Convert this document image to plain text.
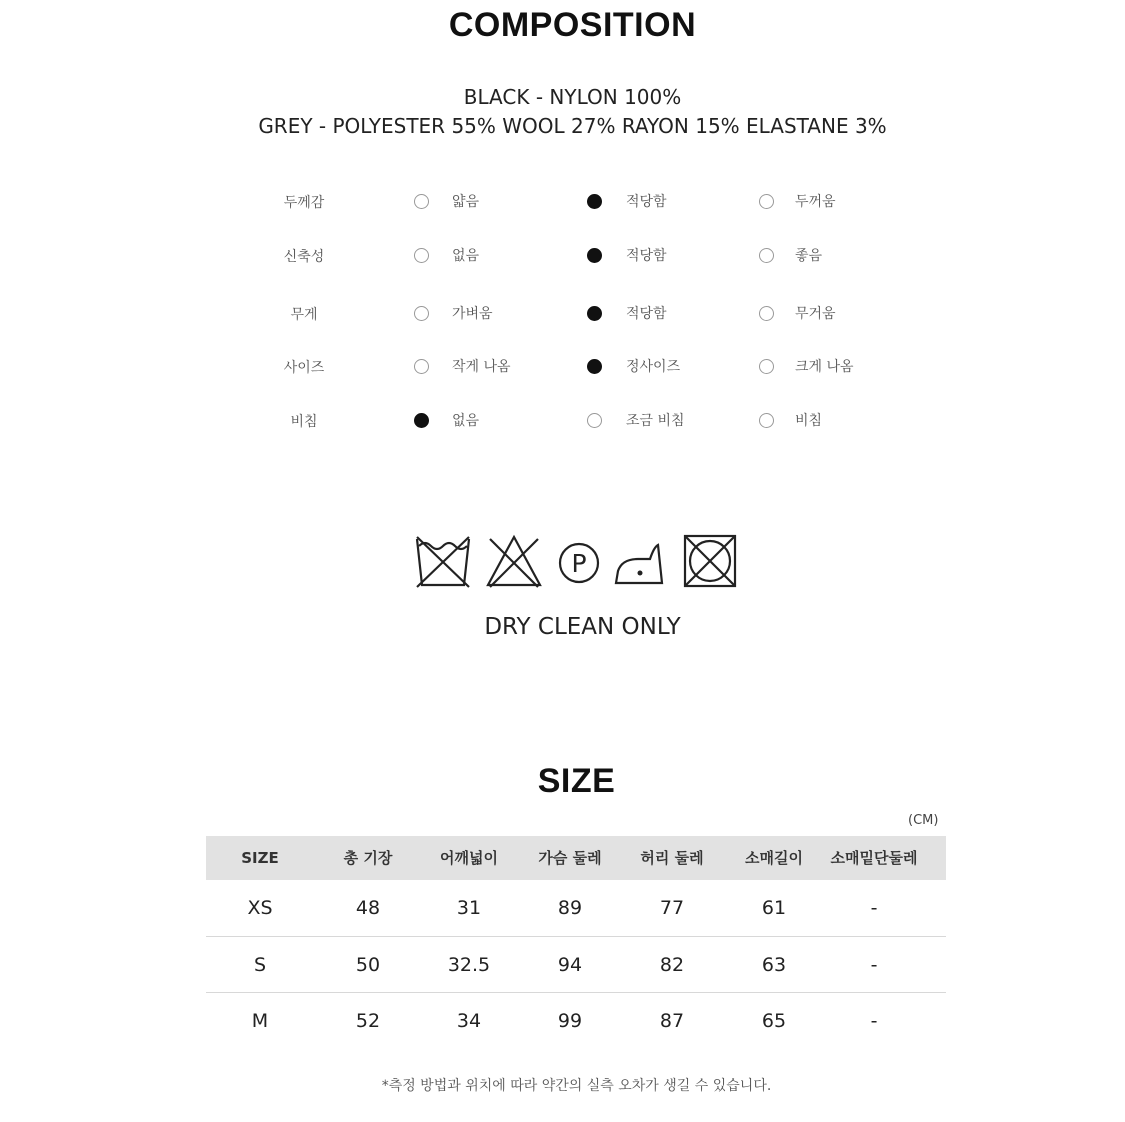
COMPOSITION
BLACK - NYLON 100%
GREY - POLYESTER 55% WOOL 27% RAYON 15% ELASTANE 3%
두께감	얇음	적당함	두꺼움
신축성	없음	적당함	좋음
무게	가벼움	적당함	무거움
사이즈	작게 나옴	정사이즈	크게 나옴
비침	없음	조금 비침	비침
P
DRY CLEAN ONLY
SIZE
(CM)
SIZE	총 기장	어깨넓이	가슴 둘레	허리 둘레	소매길이	소매밑단둘레
XS	48	31	89	77	61	-
S	50	32.5	94	82	63	-
M	52	34	99	87	65	-
*측정 방법과 위치에 따라 약간의 실측 오차가 생길 수 있습니다.
